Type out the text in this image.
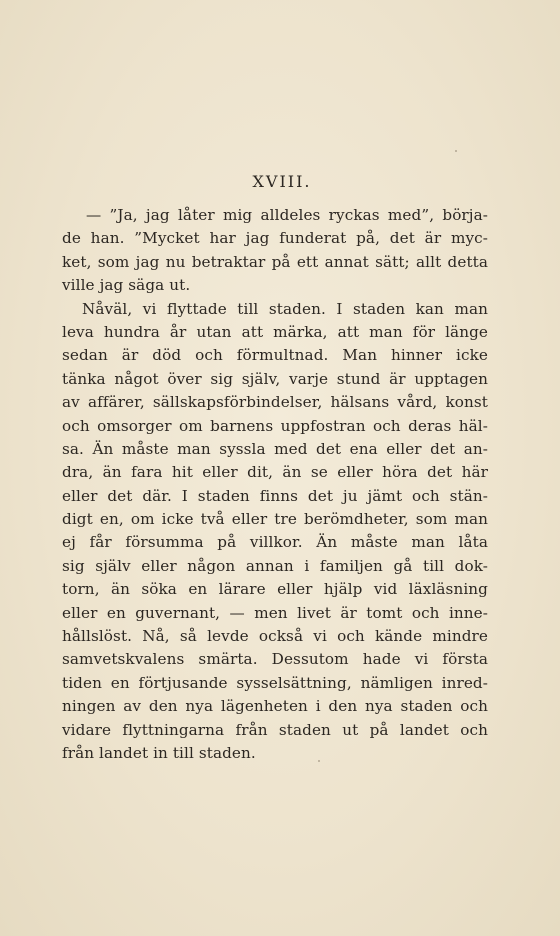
XVIII.
— ”Ja, jag låter mig alldeles ryckas med”, börja-
de han. ”Mycket har jag funderat på, det är myc-
ket, som jag nu betraktar på ett annat sätt; allt detta
ville jag säga ut.
Nåväl, vi flyttade till staden. I staden kan man
leva hundra år utan att märka, att man för länge
sedan är död och förmultnad. Man hinner icke
tänka något över sig själv, varje stund är upptagen
av affärer, sällskapsförbindelser, hälsans vård, konst
och omsorger om barnens uppfostran och deras häl-
sa. Än måste man syssla med det ena eller det an-
dra, än fara hit eller dit, än se eller höra det här
eller det där. I staden finns det ju jämt och stän-
digt en, om icke två eller tre berömdheter, som man
ej får försumma på villkor. Än måste man låta
sig själv eller någon annan i familjen gå till dok-
torn, än söka en lärare eller hjälp vid läxläsning
eller en guvernant, — men livet är tomt och inne-
hållslöst. Nå, så levde också vi och kände mindre
samvetskvalens smärta. Dessutom hade vi första
tiden en förtjusande sysselsättning, nämligen inred-
ningen av den nya lägenheten i den nya staden och
vidare flyttningarna från staden ut på landet och
från landet in till staden.
